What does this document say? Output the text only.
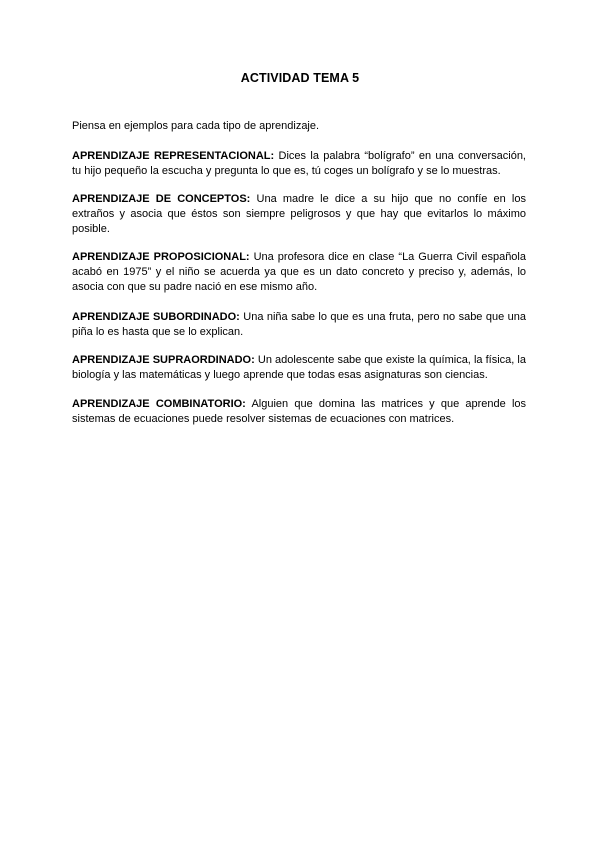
ACTIVIDAD TEMA 5
Piensa en ejemplos para cada tipo de aprendizaje.
APRENDIZAJE REPRESENTACIONAL: Dices la palabra “bolígrafo” en una conversación, tu hijo pequeño la escucha y pregunta lo que es, tú coges un bolígrafo y se lo muestras.
APRENDIZAJE DE CONCEPTOS: Una madre le dice a su hijo que no confíe en los extraños y asocia que éstos son siempre peligrosos y que hay que evitarlos lo máximo posible.
APRENDIZAJE PROPOSICIONAL: Una profesora dice en clase “La Guerra Civil española acabó en 1975” y el niño se acuerda ya que es un dato concreto y preciso y, además, lo asocia con que su padre nació en ese mismo año.
APRENDIZAJE SUBORDINADO: Una niña sabe lo que es una fruta, pero no sabe que una piña lo es hasta que se lo explican.
APRENDIZAJE SUPRAORDINADO: Un adolescente sabe que existe la química, la física, la biología y las matemáticas y luego aprende que todas esas asignaturas son ciencias.
APRENDIZAJE COMBINATORIO: Alguien que domina las matrices y que aprende los sistemas de ecuaciones puede resolver sistemas de ecuaciones con matrices.
